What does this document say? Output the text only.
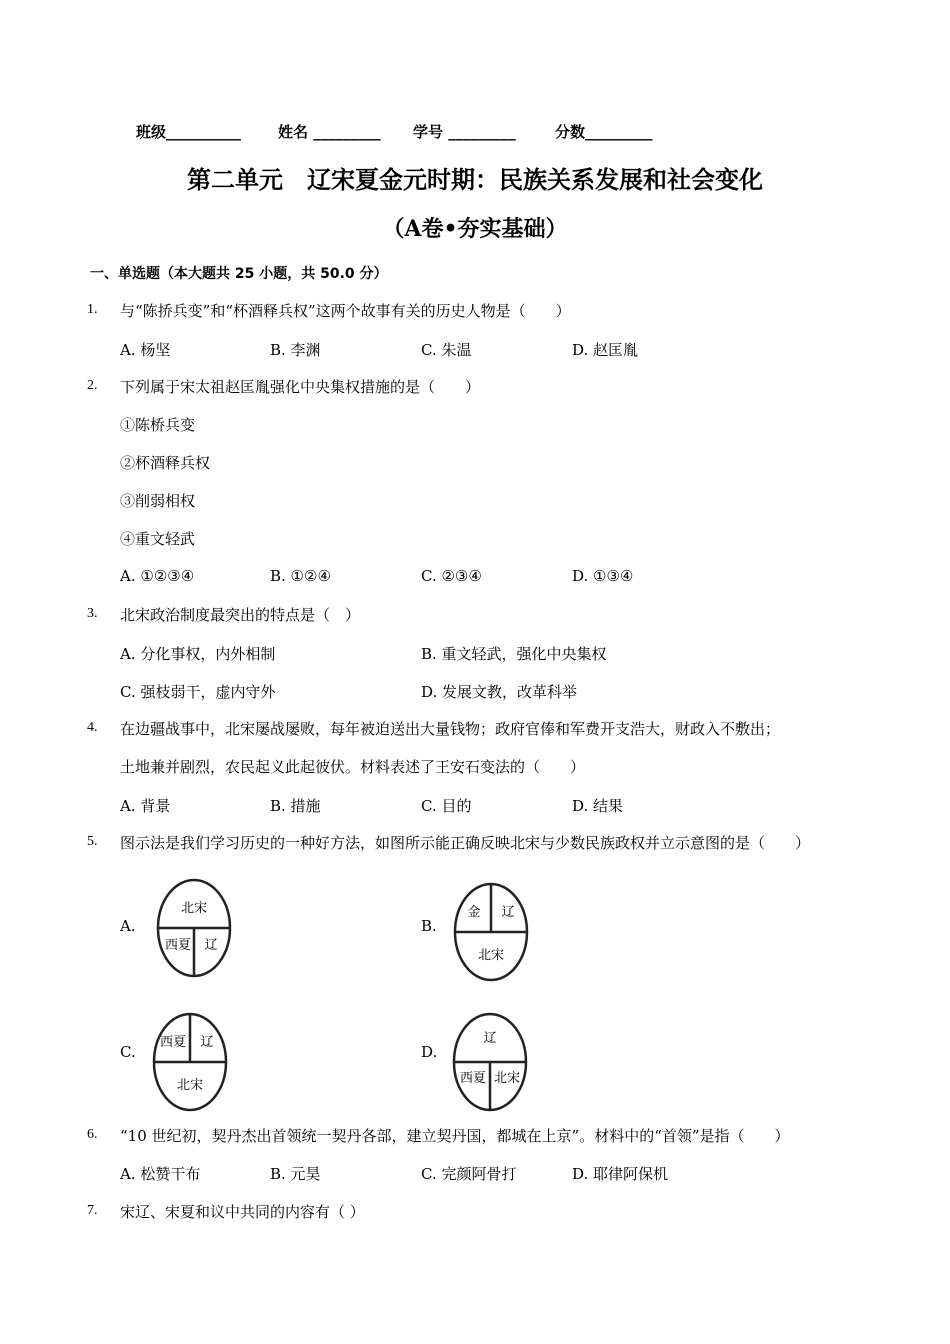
班级__________ 姓名 _________ 学号 _________	分数_________
第二单元　辽宋夏金元时期：民族关系发展和社会变化
（A卷•夯实基础）
一、单选题（本大题共 25 小题，共 50.0 分）
1. 与“陈挢兵变”和“杯酒释兵权”这两个故事有关的历史人物是（　　）
A. 杨坚	B. 李渊	C. 朱温	D. 赵匡胤
2. 下列属于宋太祖赵匡胤强化中央集权措施的是（　　）
①陈桥兵变
②杯酒释兵权
③削弱相权
④重文轻武
A. ①②③④	B. ①②④	C. ②③④	D. ①③④
3. 北宋政治制度最突出的特点是（　）
A. 分化事权，内外相制	B. 重文轻武，强化中央集权
C. 强枝弱干，虚内守外	D. 发展文教，改革科举
4. 在边疆战事中，北宋屡战屡败，每年被迫送出大量钱物；政府官俸和军费开支浩大，财政入不敷出；
土地兼并剧烈，农民起义此起彼伏。材料表述了王安石变法的（　　）
A. 背景	B. 措施	C. 目的	D. 结果
5. 图示法是我们学习历史的一种好方法，如图所示能正确反映北宋与少数民族政权并立示意图的是（　　）
A.
北宋
西夏 辽
B.
金 辽
北宋
C.
西夏 辽
北宋
D.
辽
西夏 北宋
6. “10 世纪初，契丹杰出首领统一契丹各部，建立契丹国，都城在上京”。材料中的“首领”是指（　　）
A. 松赞干布	B. 元昊	C. 完颜阿骨打	D. 耶律阿保机
7. 宋辽、宋夏和议中共同的内容有（ ）
